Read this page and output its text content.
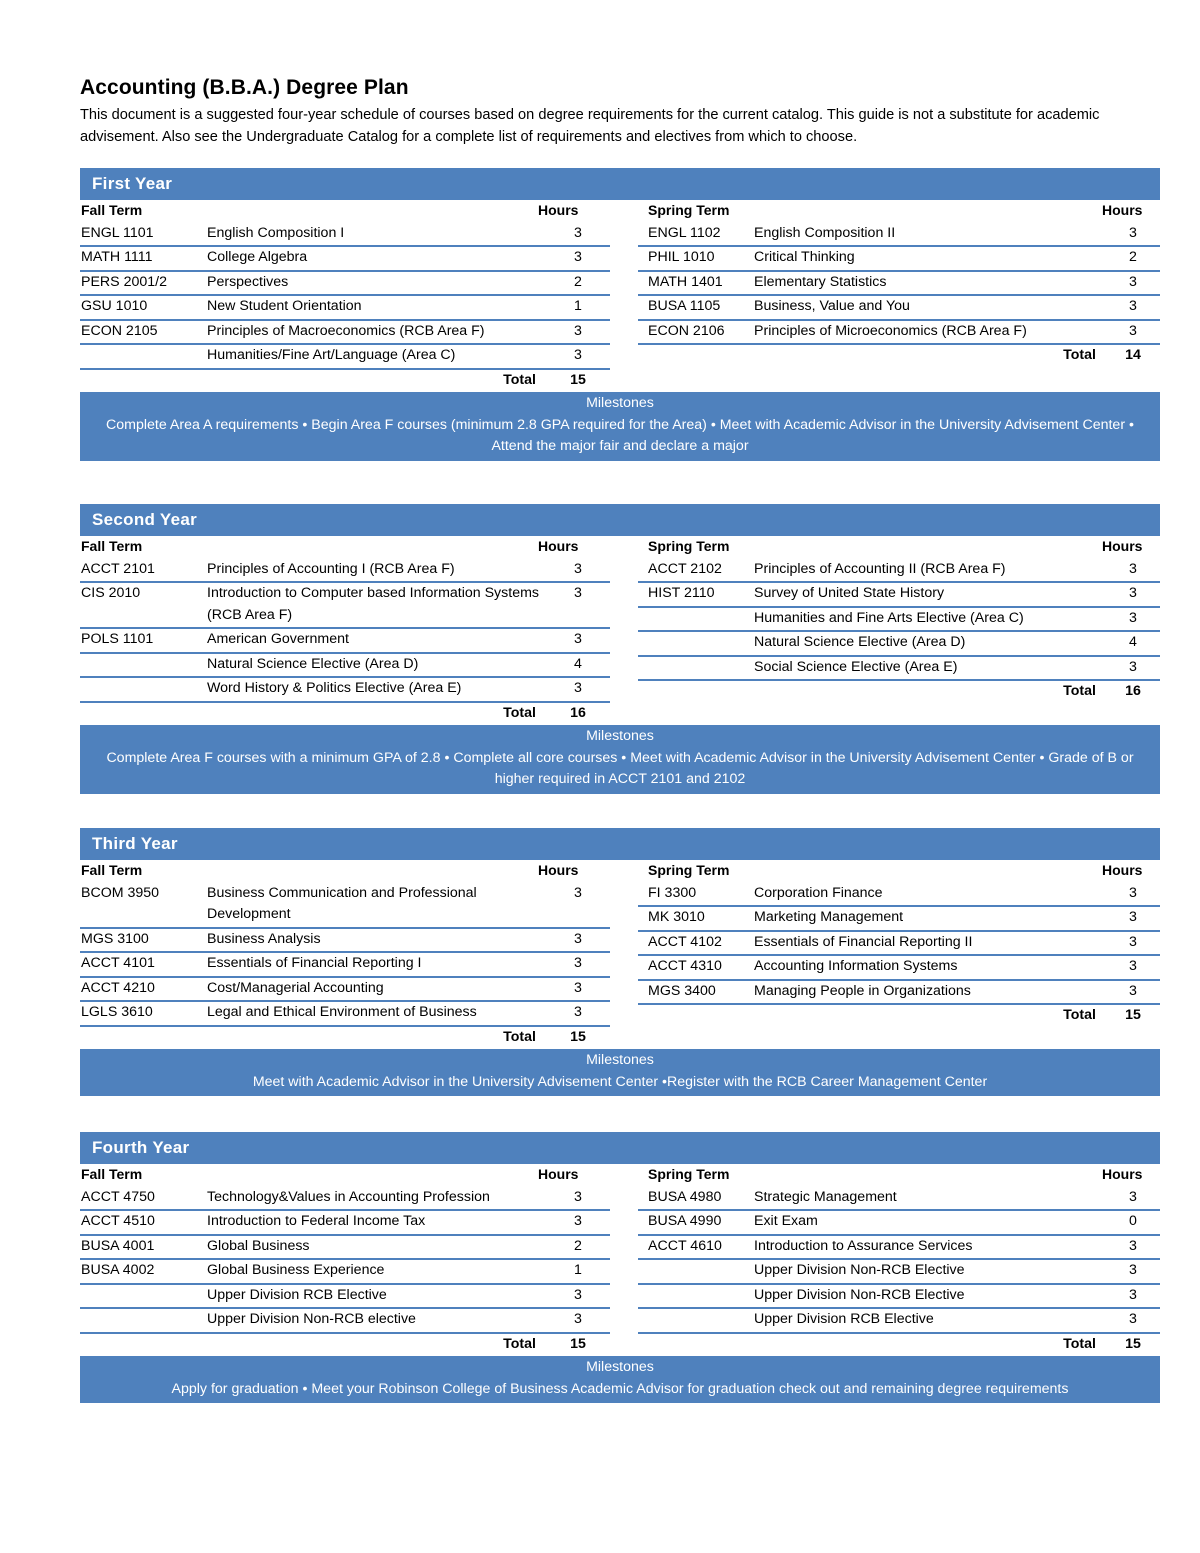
Accounting (B.B.A.) Degree Plan

This document is a suggested four-year schedule of courses based on degree requirements for the current catalog. This guide is not a substitute for academic advisement. Also see the Undergraduate Catalog for a complete list of requirements and electives from which to choose.

First Year
Fall Term	Hours
ENGL 1101	English Composition I	3
MATH 1111	College Algebra	3
PERS 2001/2	Perspectives	2
GSU 1010	New Student Orientation	1
ECON 2105	Principles of Macroeconomics (RCB Area F)	3
Humanities/Fine Art/Language (Area C)	3
Total	15
Spring Term	Hours
ENGL 1102	English Composition II	3
PHIL 1010	Critical Thinking	2
MATH 1401	Elementary Statistics	3
BUSA 1105	Business, Value and You	3
ECON 2106	Principles of Microeconomics (RCB Area F)	3
Total	14
Milestones
Complete Area A requirements • Begin Area F courses (minimum 2.8 GPA required for the Area) • Meet with Academic Advisor in the University Advisement Center • Attend the major fair and declare a major
Second Year
Fall Term	Hours
ACCT 2101	Principles of Accounting I (RCB Area F)	3
CIS 2010	Introduction to Computer based Information Systems (RCB Area F)
3
POLS 1101	American Government	3
Natural Science Elective (Area D)	4
Word History & Politics Elective (Area E)	3
Total	16
Spring Term	Hours
ACCT 2102	Principles of Accounting II (RCB Area F)	3
HIST 2110	Survey of United State History	3
Humanities and Fine Arts Elective (Area C)	3
Natural Science Elective (Area D)	4
Social Science Elective (Area E)	3
Total	16
Milestones
Complete Area F courses with a minimum GPA of 2.8 • Complete all core courses • Meet with Academic Advisor in the University Advisement Center • Grade of B or higher required in ACCT 2101 and 2102
Third Year
Fall Term	Hours
BCOM 3950	Business Communication and Professional Development
3
MGS 3100	Business Analysis	3
ACCT 4101	Essentials of Financial Reporting I	3
ACCT 4210	Cost/Managerial Accounting	3
LGLS 3610	Legal and Ethical Environment of Business	3
Total	15
Spring Term	Hours
FI 3300	Corporation Finance	3
MK 3010	Marketing Management	3
ACCT 4102	Essentials of Financial Reporting II	3
ACCT 4310	Accounting Information Systems	3
MGS 3400	Managing People in Organizations	3
Total	15
Milestones
Meet with Academic Advisor in the University Advisement Center •Register with the RCB Career Management Center
Fourth Year
Fall Term	Hours
ACCT 4750	Technology&Values in Accounting Profession	3
ACCT 4510	Introduction to Federal Income Tax	3
BUSA 4001	Global Business	2
BUSA 4002	Global Business Experience	1
Upper Division RCB Elective	3
Upper Division Non-RCB elective	3
Total	15
Spring Term	Hours
BUSA 4980	Strategic Management	3
BUSA 4990	Exit Exam	0
ACCT 4610	Introduction to Assurance Services	3
Upper Division Non-RCB Elective	3
Upper Division Non-RCB Elective	3
Upper Division RCB Elective	3
Total	15
Milestones
Apply for graduation • Meet your Robinson College of Business Academic Advisor for graduation check out and remaining degree requirements
